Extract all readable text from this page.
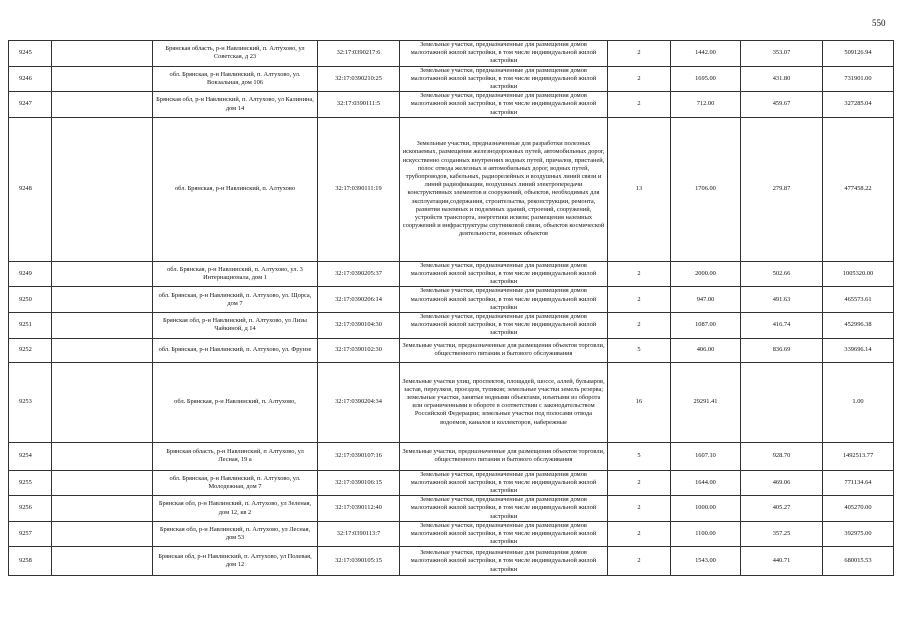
550
9245		Брянская область, р-н Навлинский, п. Алтухово, ул Советская, д 23	32:17:0390217:6	Земельные участки, предназначенные для размещения домов малоэтажной жилой застройки, в том числе индивидуальной жилой застройки	2	1442.00	353.07	509126.94
9246		обл. Брянская, р-н Навлинский, п. Алтухово, ул. Вокзальная, дом 106	32:17:0390210:25	Земельные участки, предназначенные для размещения домов малоэтажной жилой застройки, в том числе индивидуальной жилой застройки	2	1695.00	431.80	731901.00
9247		Брянская обл, р-н Навлинский, п. Алтухово, ул Калинина, дом 14	32:17:0390111:5	Земельные участки, предназначенные для размещения домов малоэтажной жилой застройки, в том числе индивидуальной жилой застройки	2	712.00	459.67	327285.04
9248		обл. Брянская, р-н Навлинский, п. Алтухово	32:17:0390111:19	Земельные участки, предназначенные для разработки полезных ископаемых, размещения железнодорожных путей, автомобильных дорог, искусственно созданных внутренних водных путей, причалов, пристаней, полос отвода железных и автомобильных дорог, водных путей, трубопроводов, кабельных, радиорелейных и воздушных линий связи и линий радиофикации, воздушных линий электропередачи конструктивных элементов и сооружений, объектов, необходимых для эксплуатации,содержания, строительства, реконструкции, ремонта, развития наземных и подземных зданий, строений, сооружений, устройств транспорта, энергетики исвязи; размещения наземных сооружений и инфраструктуры спутниковой связи, объектов космической деятельности, военных объектов	13	1706.00	279.87	477458.22
9249		обл. Брянская, р-н Навлинский, п. Алтухово, ул. 3 Интернационала, дом 1	32:17:0390205:37	Земельные участки, предназначенные для размещения домов малоэтажной жилой застройки, в том числе индивидуальной жилой застройки	2	2000.00	502.66	1005320.00
9250		обл. Брянская, р-н Навлинский, п. Алтухово, ул. Щорса, дом 7	32:17:0390206:14	Земельные участки, предназначенные для размещения домов малоэтажной жилой застройки, в том числе индивидуальной жилой застройки	2	947.00	491.63	465573.61
9251		Брянская обл, р-н Навлинский, п. Алтухово, ул Лизы Чайкиной, д 14	32:17:0390104:30	Земельные участки, предназначенные для размещения домов малоэтажной жилой застройки, в том числе индивидуальной жилой застройки	2	1087.00	416.74	452996.38
9252		обл. Брянская, р-н Навлинский, п. Алтухово, ул. Фрунзе	32:17:0390102:30	Земельные участки, предназначенные для размещения объектов торговли, общественного питания и бытового обслуживания	5	406.00	836.69	339696.14
9253		обл. Брянская, р-н Навлинский, п. Алтухово,	32:17:0390204:34	Земельные участки улиц, проспектов, площадей, шоссе, аллей, бульваров, застав, переулков, проездов, тупиков; земельные участки земель резерва; земельные участки, занятые водными объектами, изъятыми из оборота или ограниченными в обороте в соответствии с законодательством Российской Федерации; земельные участки под полосами отвода водоемов, каналов и коллекторов, набережные	16	29291.41		1.00
9254		Брянская область, р-н Навлинский, п Алтухово, ул Лесная, 19 а	32:17:0390107:16	Земельные участки, предназначенные для размещения объектов торговли, общественного питания и бытового обслуживания	5	1607.10	928.70	1492513.77
9255		обл. Брянская, р-н Навлинский, п. Алтухово, ул. Молодежная, дом 7	32:17:0390106:15	Земельные участки, предназначенные для размещения домов малоэтажной жилой застройки, в том числе индивидуальной жилой застройки	2	1644.00	469.06	771134.64
9256		Брянская обл, р-н Навлинский, п. Алтухово, ул Зеленая, дом 12, кв 2	32:17:0390112:40	Земельные участки, предназначенные для размещения домов малоэтажной жилой застройки, в том числе индивидуальной жилой застройки	2	1000.00	405.27	405270.00
9257		Брянская обл, р-н Навлинский, п. Алтухово, ул Лесная, дом 53	32:17:0390113:7	Земельные участки, предназначенные для размещения домов малоэтажной жилой застройки, в том числе индивидуальной жилой застройки	2	1100.00	357.25	392975.00
9258		Брянская обл, р-н Навлинский, п. Алтухово, ул Полевая, дом 12	32:17:0390105:15	Земельные участки, предназначенные для размещения домов малоэтажной жилой застройки, в том числе индивидуальной жилой застройки	2	1543.00	440.71	680015.53
